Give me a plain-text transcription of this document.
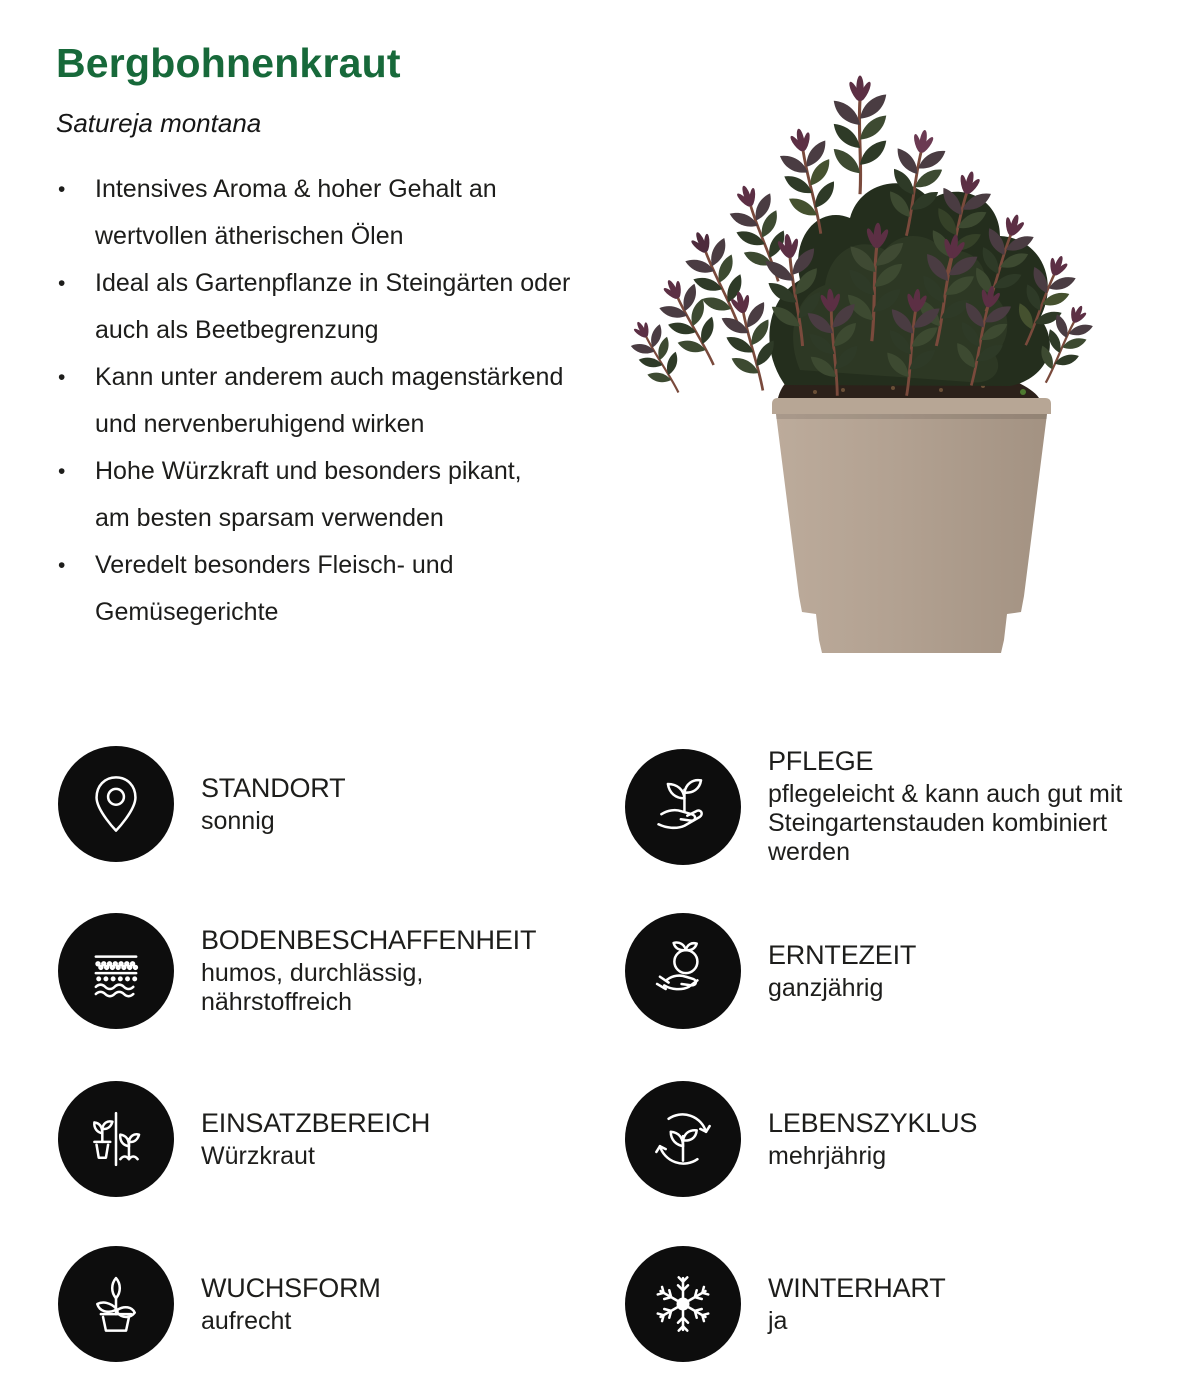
Bergbohnenkraut
Satureja montana
• Intensives Aroma & hoher Gehalt an
wertvollen ätherischen Ölen
• Ideal als Gartenpflanze in Steingärten oder
auch als Beetbegrenzung
• Kann unter anderem auch magenstärkend
und nervenberuhigend wirken
• Hohe Würzkraft und besonders pikant,
am besten sparsam verwenden
• Veredelt besonders Fleisch- und
Gemüsegerichte
STANDORT
sonnig
PFLEGE
pflegeleicht & kann auch gut mit
Steingartenstauden kombiniert
werden
BODENBESCHAFFENHEIT
humos, durchlässig,
nährstoffreich
ERNTEZEIT
ganzjährig
EINSATZBEREICH
Würzkraut
LEBENSZYKLUS
mehrjährig
WUCHSFORM
aufrecht
WINTERHART
ja
